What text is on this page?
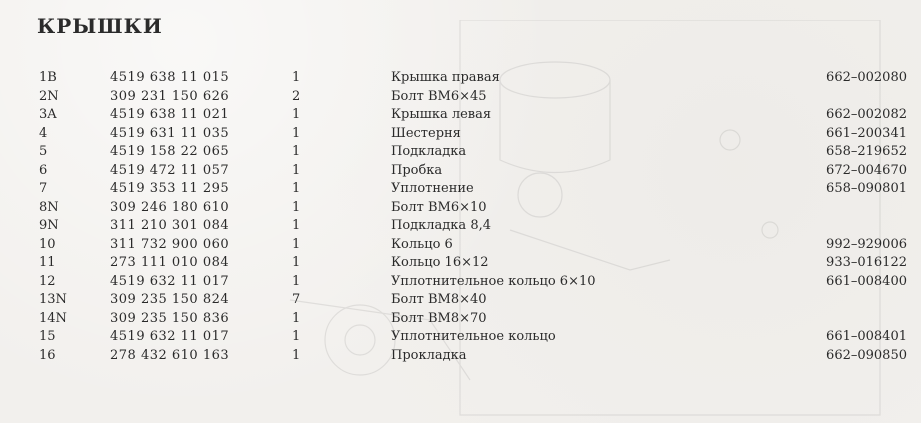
КРЫШКИ
1B	4519 638 11 015	1	Крышка правая	662–002080
2N	309 231 150 626	2	Болт BM6×45
3A	4519 638 11 021	1	Крышка левая	662–002082
4	4519 631 11 035	1	Шестерня	661–200341
5	4519 158 22 065	1	Подкладка	658–219652
6	4519 472 11 057	1	Пробка	672–004670
7	4519 353 11 295	1	Уплотнение	658–090801
8N	309 246 180 610	1	Болт BM6×10
9N	311 210 301 084	1	Подкладка 8,4
10	311 732 900 060	1	Кольцо 6	992–929006
11	273 111 010 084	1	Кольцо 16×12	933–016122
12	4519 632 11 017	1	Уплотнительное кольцо 6×10	661–008400
13N	309 235 150 824	7	Болт BM8×40
14N	309 235 150 836	1	Болт BM8×70
15	4519 632 11 017	1	Уплотнительное кольцо	661–008401
16	278 432 610 163	1	Прокладка	662–090850
